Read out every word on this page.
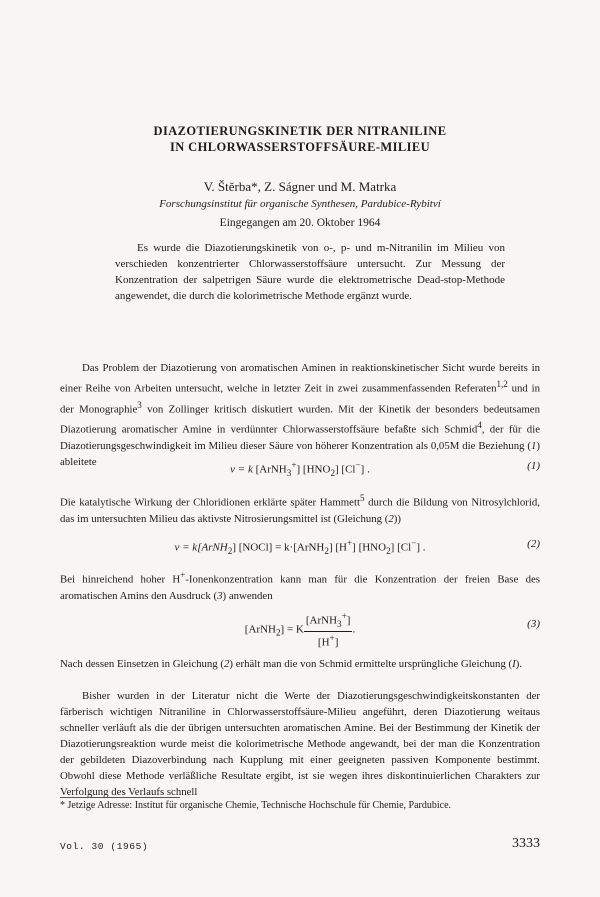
DIAZOTIERUNGSKINETIK DER NITRANILINE
IN CHLORWASSERSTOFFSÄURE-MILIEU
V. Štěrba*, Z. Ságner und M. Matrka
Forschungsinstitut für organische Synthesen, Pardubice-Rybitví
Eingegangen am 20. Oktober 1964

Es wurde die Diazotierungskinetik von o-, p- und m-Nitranilin im Milieu von verschieden konzentrierter Chlorwasserstoffsäure untersucht. Zur Messung der Konzentration der salpetrigen Säure wurde die elektrometrische Dead-stop-Methode angewendet, die durch die kolorimetrische Methode ergänzt wurde.

Das Problem der Diazotierung von aromatischen Aminen in reaktionskinetischer Sicht wurde bereits in einer Reihe von Arbeiten untersucht, welche in letzter Zeit in zwei zusammenfassenden Referaten$^{1,2}$ und in der Monographie$^3$ von Zollinger kritisch diskutiert wurden. Mit der Kinetik der besonders bedeutsamen Diazotierung aromatischer Amine in verdünnter Chlorwasserstoffsäure befaßte sich Schmid$^4$, der für die Diazotierungsgeschwindigkeit im Milieu dieser Säure von höherer Konzentration als 0,05M die Beziehung (1) ableitete

v = k [ArNH$_3$+] $[HNO_2]$ [Cl−] .	(1)

Die katalytische Wirkung der Chloridionen erklärte später Hammett$^5$ durch die Bildung von Nitrosylchlorid, das im untersuchten Milieu das aktivste Nitrosierungsmittel ist (Gleichung (2))

v = k[ArNH$_2$] [NOCl] = k·[ArNH$_2$] [H+] $[HNO_2]$ [Cl−] .	(2)

Bei hinreichend hoher H+-Ionenkonzentration kann man für die Konzentration der freien Base des aromatischen Amins den Ausdruck (3) anwenden

[ArNH$_2$] = K $\frac{[ArNH_3^+]}{[H^+]}$ .	(3)

Nach dessen Einsetzen in Gleichung (2) erhält man die von Schmid ermittelte ursprüngliche Gleichung (I).

Bisher wurden in der Literatur nicht die Werte der Diazotierungsgeschwindigkeitskonstanten der färberisch wichtigen Nitraniline in Chlorwasserstoffsäure-Milieu angeführt, deren Diazotierung weitaus schneller verläuft als die der übrigen untersuchten aromatischen Amine. Bei der Bestimmung der Kinetik der Diazotierungsreaktion wurde meist die kolorimetrische Methode angewandt, bei der man die Konzentration der gebildeten Diazoverbindung nach Kupplung mit einer geeigneten passiven Komponente bestimmt. Obwohl diese Methode verläßliche Resultate ergibt, ist sie wegen ihres diskontinuierlichen Charakters zur Verfolgung des Verlaufs schnell

* Jetzige Adresse: Institut für organische Chemie, Technische Hochschule für Chemie, Pardubice.
Vol. 30 (1965)	3333
